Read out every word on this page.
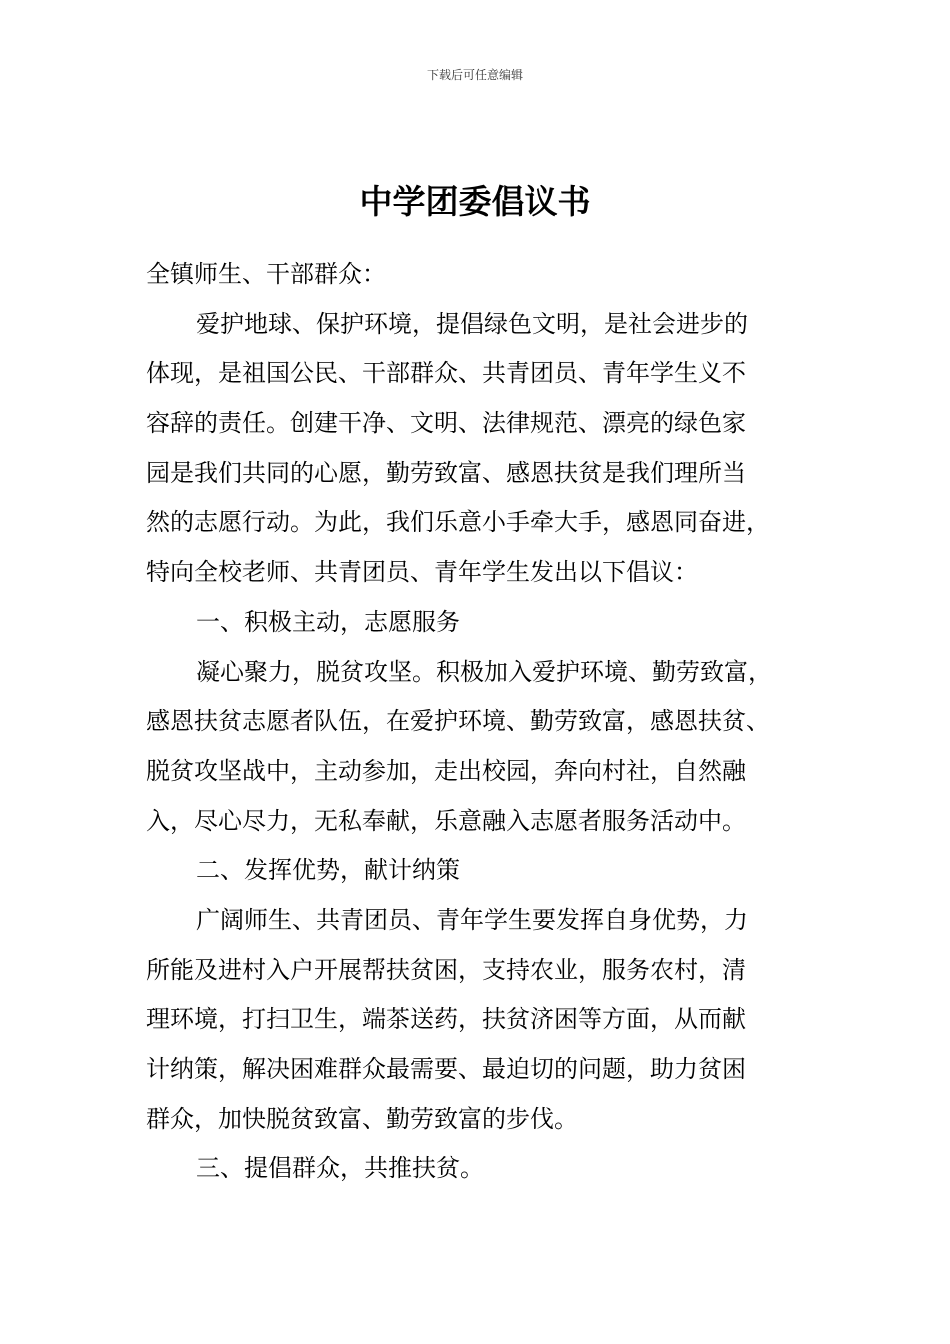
下载后可任意编辑
中学团委倡议书
全镇师生、干部群众：
爱护地球、保护环境，提倡绿色文明，是社会进步的
体现，是祖国公民、干部群众、共青团员、青年学生义不
容辞的责任。创建干净、文明、法律规范、漂亮的绿色家
园是我们共同的心愿，勤劳致富、感恩扶贫是我们理所当
然的志愿行动。为此，我们乐意小手牵大手，感恩同奋进，
特向全校老师、共青团员、青年学生发出以下倡议：
一、积极主动，志愿服务
凝心聚力，脱贫攻坚。积极加入爱护环境、勤劳致富，
感恩扶贫志愿者队伍，在爱护环境、勤劳致富，感恩扶贫、
脱贫攻坚战中，主动参加，走出校园，奔向村社，自然融
入，尽心尽力，无私奉献，乐意融入志愿者服务活动中。
二、发挥优势，献计纳策
广阔师生、共青团员、青年学生要发挥自身优势，力
所能及进村入户开展帮扶贫困，支持农业，服务农村，清
理环境，打扫卫生，端茶送药，扶贫济困等方面，从而献
计纳策，解决困难群众最需要、最迫切的问题，助力贫困
群众，加快脱贫致富、勤劳致富的步伐。
三、提倡群众，共推扶贫。
